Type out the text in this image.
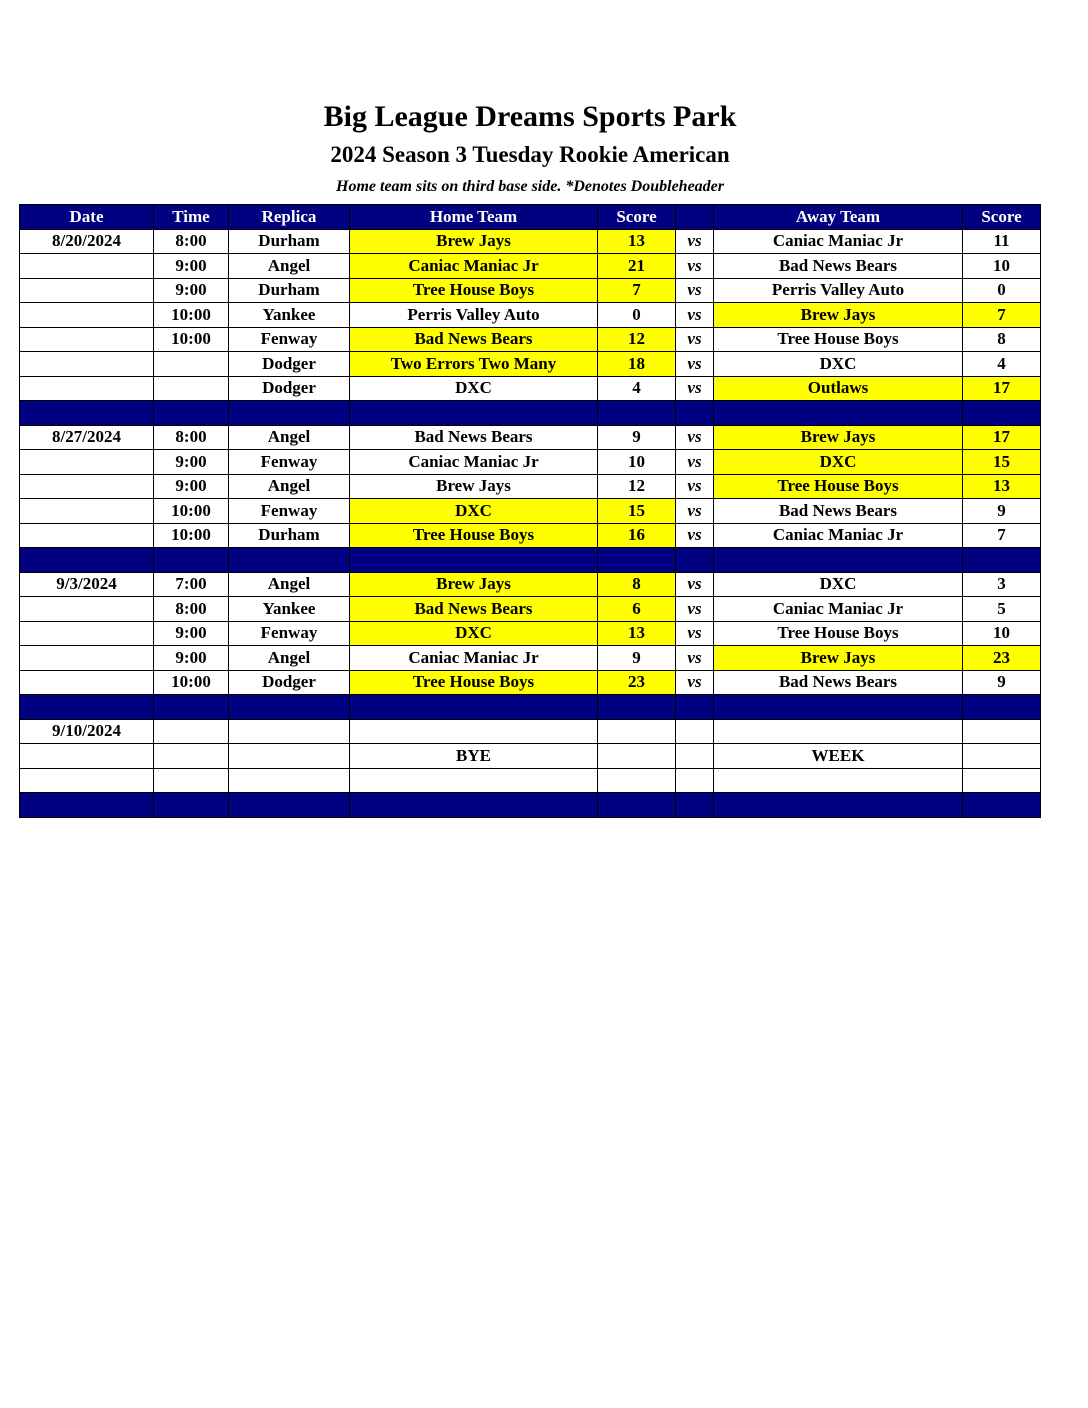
Big League Dreams Sports Park
2024 Season 3 Tuesday Rookie American
Home team sits on third base side. *Denotes Doubleheader
Date	Time	Replica	Home Team	Score		Away Team	Score
8/20/2024	8:00	Durham	Brew Jays	13	vs	Caniac Maniac Jr	11
	9:00	Angel	Caniac Maniac Jr	21	vs	Bad News Bears	10
	9:00	Durham	Tree House Boys	7	vs	Perris Valley Auto	0
	10:00	Yankee	Perris Valley Auto	0	vs	Brew Jays	7
	10:00	Fenway	Bad News Bears	12	vs	Tree House Boys	8
		Dodger	Two Errors Two Many	18	vs	DXC	4
		Dodger	DXC	4	vs	Outlaws	17

8/27/2024	8:00	Angel	Bad News Bears	9	vs	Brew Jays	17
	9:00	Fenway	Caniac Maniac Jr	10	vs	DXC	15
	9:00	Angel	Brew Jays	12	vs	Tree House Boys	13
	10:00	Fenway	DXC	15	vs	Bad News Bears	9
	10:00	Durham	Tree House Boys	16	vs	Caniac Maniac Jr	7

9/3/2024	7:00	Angel	Brew Jays	8	vs	DXC	3
	8:00	Yankee	Bad News Bears	6	vs	Caniac Maniac Jr	5
	9:00	Fenway	DXC	13	vs	Tree House Boys	10
	9:00	Angel	Caniac Maniac Jr	9	vs	Brew Jays	23
	10:00	Dodger	Tree House Boys	23	vs	Bad News Bears	9

9/10/2024							
			BYE			WEEK	
